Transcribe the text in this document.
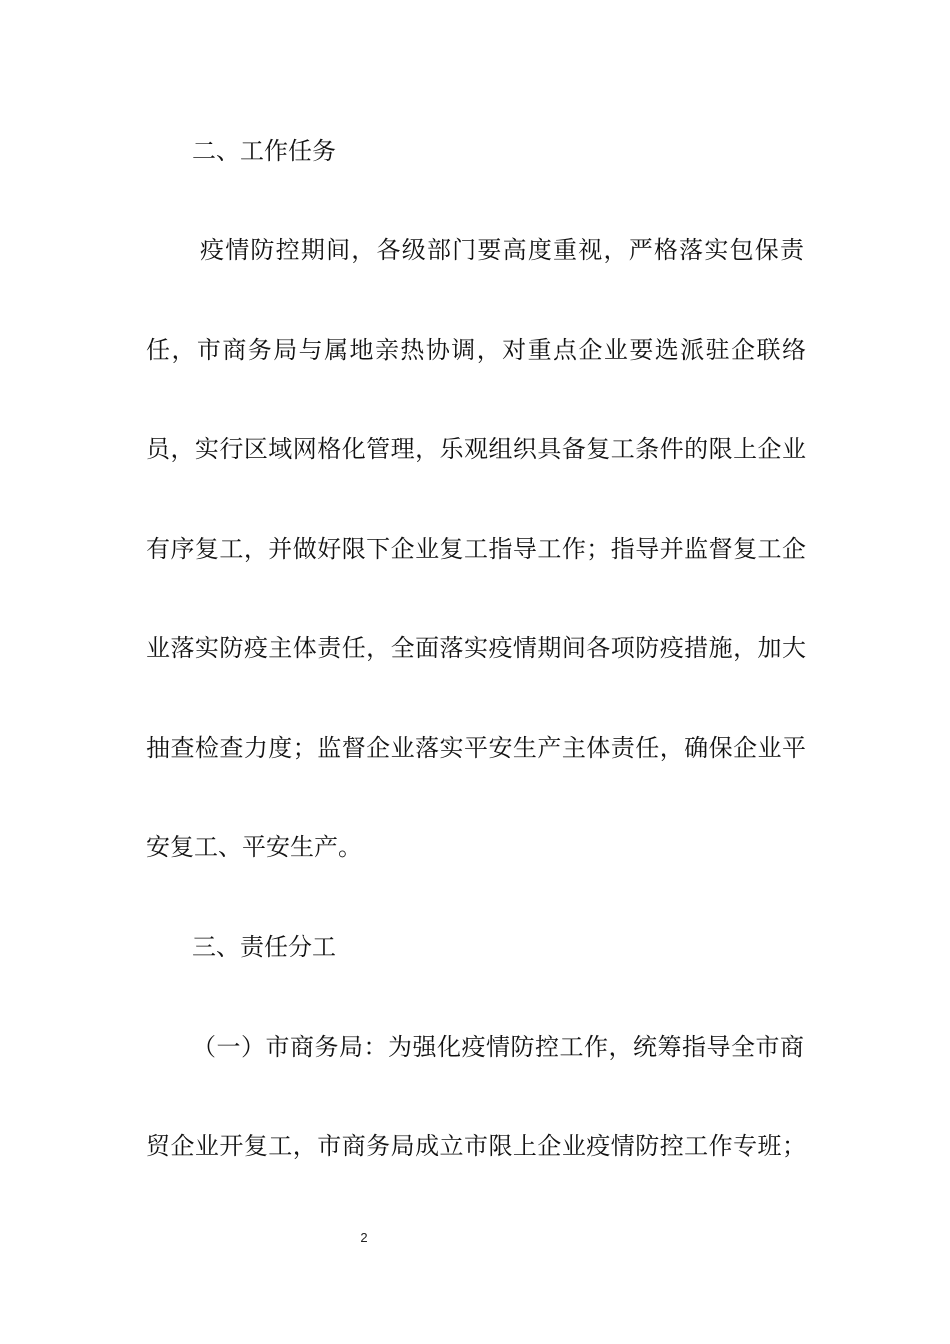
二、工作任务
疫情防控期间，各级部门要高度重视，严格落实包保责
任，市商务局与属地亲热协调，对重点企业要选派驻企联络
员，实行区域网格化管理，乐观组织具备复工条件的限上企业
有序复工，并做好限下企业复工指导工作；指导并监督复工企
业落实防疫主体责任，全面落实疫情期间各项防疫措施，加大
抽查检查力度；监督企业落实平安生产主体责任，确保企业平
安复工、平安生产。
三、责任分工
（一）市商务局：为强化疫情防控工作，统筹指导全市商
贸企业开复工，市商务局成立市限上企业疫情防控工作专班；
2
